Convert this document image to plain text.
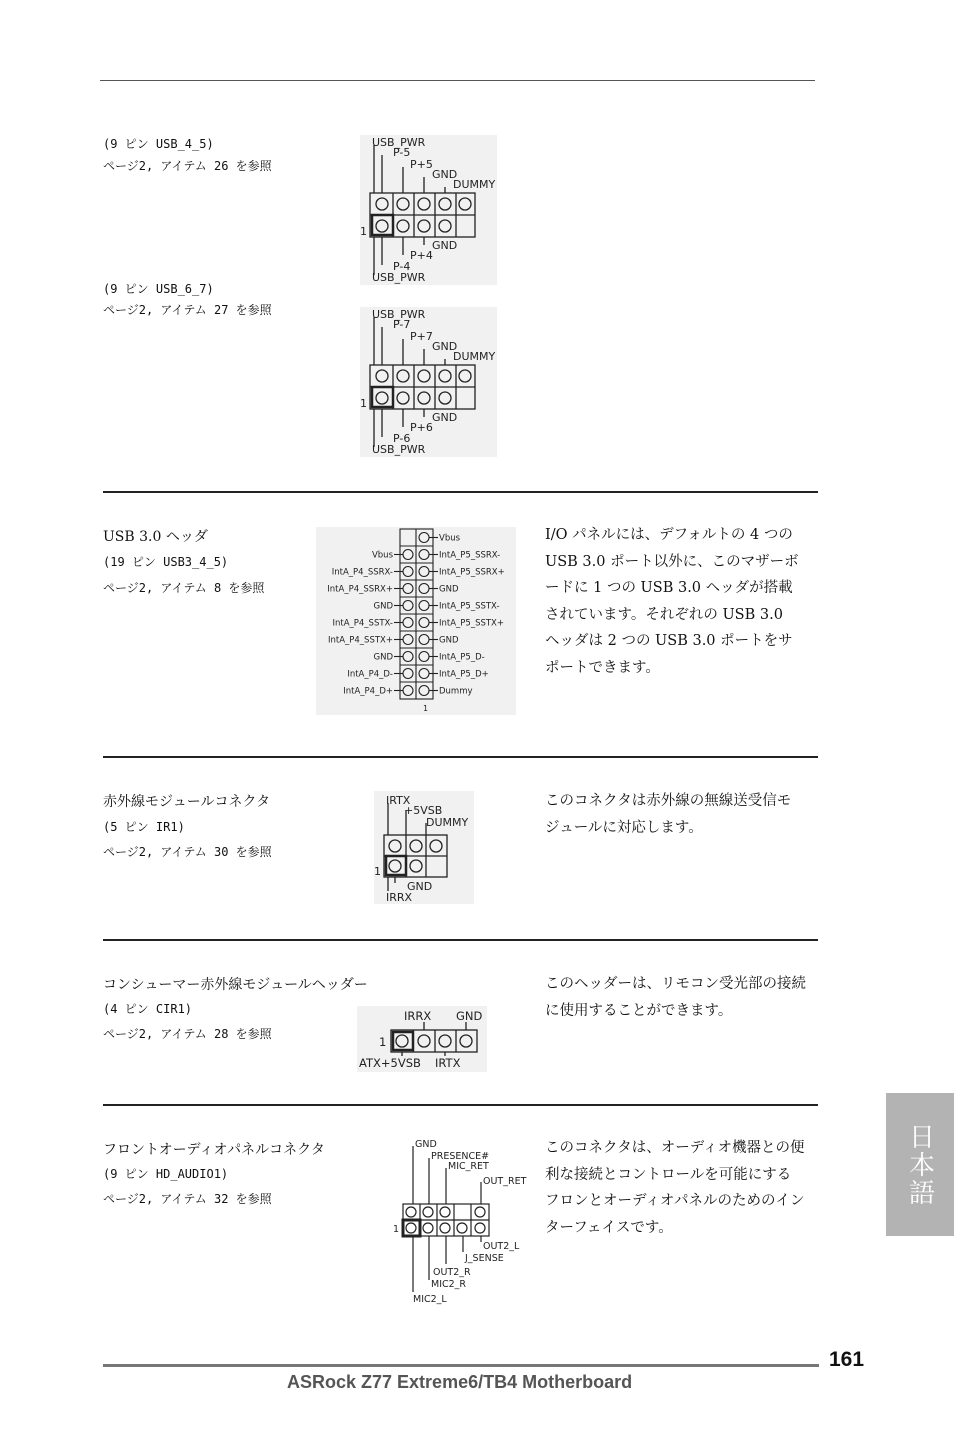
(9 ピン USB_4_5)
ページ2, アイテム 26 を参照
USB_PWR
P-5
P+5
GND
DUMMY
1
GND
P+4
P-4
USB_PWR
(9 ピン USB_6_7)
ページ2, アイテム 27 を参照	USB_PWR
P-7
P+7
GND
DUMMY
1
GND
P+6
P-6
USB_PWR
USB 3.0 ヘッダ
(19 ピン USB3_4_5)
ページ2, アイテム 8 を参照
Vbus
IntA_P4_SSRX-
IntA_P4_SSRX+
GND
IntA_P4_SSTX-
IntA_P4_SSTX+
GND
IntA_P4_D-
IntA_P4_D+
Vbus
IntA_P5_SSRX-
IntA_P5_SSRX+
GND
IntA_P5_SSTX-
IntA_P5_SSTX+
GND
IntA_P5_D-
IntA_P5_D+
Dummy
1
I/O パネルには、デフォルトの 4 つの
USB 3.0 ポート以外に、このマザーボ
ードに 1 つの USB 3.0 ヘッダが搭載
されています。それぞれの USB 3.0
ヘッダは 2 つの USB 3.0 ポートをサ
ポートできます。
赤外線モジュールコネクタ
(5 ピン IR1)
ページ2, アイテム 30 を参照
IRTX
+5VSB
DUMMY
1
GND
IRRX
このコネクタは赤外線の無線送受信モ
ジュールに対応します。
コンシューマー赤外線モジュールヘッダー
(4 ピン CIR1)
ページ2, アイテム 28 を参照
IRRX GND
1
ATX+5VSB IRTX
このヘッダーは、リモコン受光部の接続
に使用することができます。
フロントオーディオパネルコネクタ
(9 ピン HD_AUDIO1)
ページ2, アイテム 32 を参照
GND
PRESENCE#
MIC_RET
OUT_RET
1
OUT2_L
J_SENSE
OUT2_R
MIC2_R
MIC2_L
このコネクタは、オーディオ機器との便
利な接続とコントロールを可能にする
フロンとオーディオパネルのためのイン
ターフェイスです。
日本語
161
ASRock Z77 Extreme6/TB4 Motherboard
